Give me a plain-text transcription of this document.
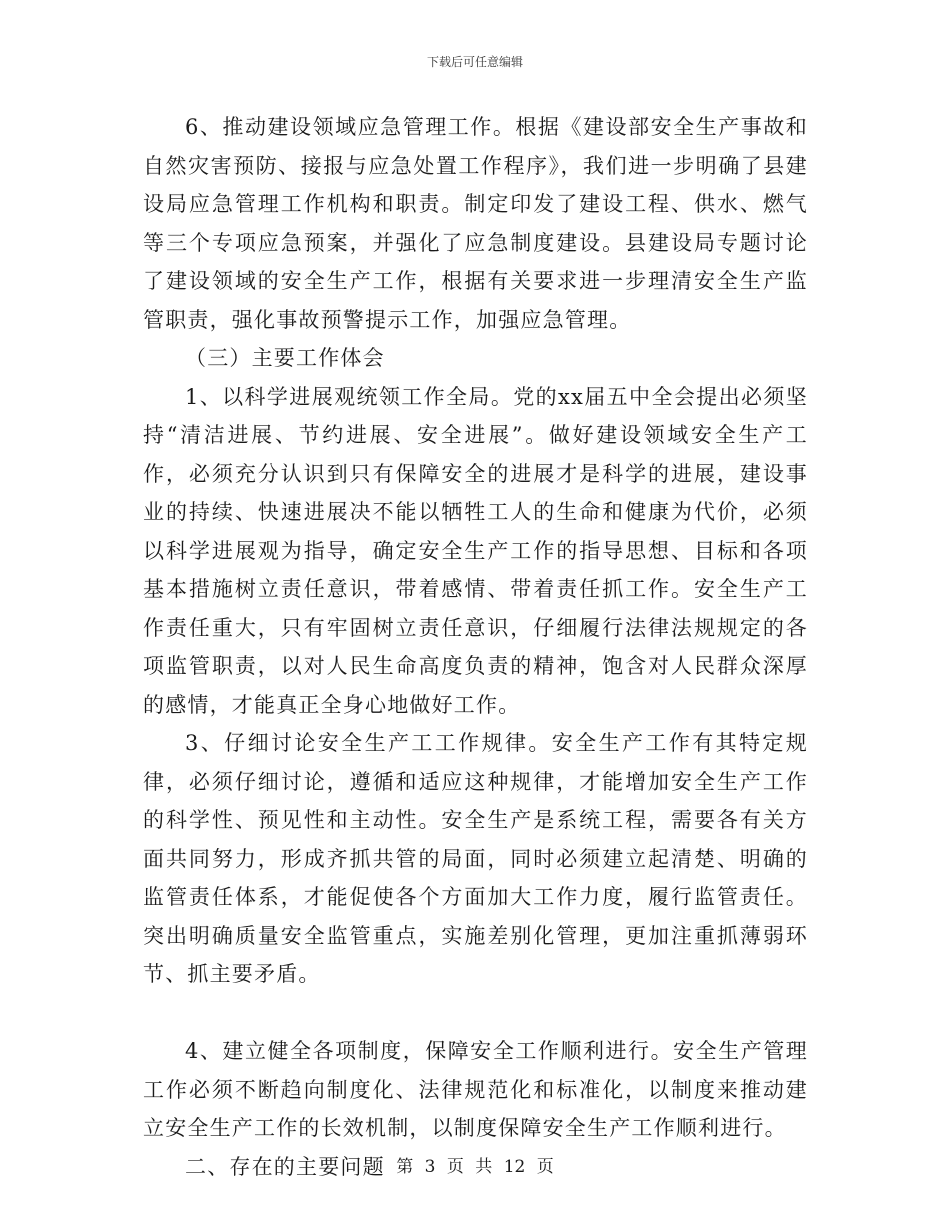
下载后可任意编辑

6、推动建设领域应急管理工作。根据《建设部安全生产事故和自然灾害预防、接报与应急处置工作程序》，我们进一步明确了县建设局应急管理工作机构和职责。制定印发了建设工程、供水、燃气等三个专项应急预案，并强化了应急制度建设。县建设局专题讨论了建设领域的安全生产工作，根据有关要求进一步理清安全生产监管职责，强化事故预警提示工作，加强应急管理。

（三）主要工作体会

1、以科学进展观统领工作全局。党的xx届五中全会提出必须坚持“清洁进展、节约进展、安全进展”。做好建设领域安全生产工作，必须充分认识到只有保障安全的进展才是科学的进展，建设事业的持续、快速进展决不能以牺牲工人的生命和健康为代价，必须以科学进展观为指导，确定安全生产工作的指导思想、目标和各项基本措施树立责任意识，带着感情、带着责任抓工作。安全生产工作责任重大，只有牢固树立责任意识，仔细履行法律法规规定的各项监管职责，以对人民生命高度负责的精神，饱含对人民群众深厚的感情，才能真正全身心地做好工作。

3、仔细讨论安全生产工工作规律。安全生产工作有其特定规律，必须仔细讨论，遵循和适应这种规律，才能增加安全生产工作的科学性、预见性和主动性。安全生产是系统工程，需要各有关方面共同努力，形成齐抓共管的局面，同时必须建立起清楚、明确的监管责任体系，才能促使各个方面加大工作力度，履行监管责任。突出明确质量安全监管重点，实施差别化管理，更加注重抓薄弱环节、抓主要矛盾。

4、建立健全各项制度，保障安全工作顺利进行。安全生产管理工作必须不断趋向制度化、法律规范化和标准化，以制度来推动建立安全生产工作的长效机制，以制度保障安全生产工作顺利进行。

二、存在的主要问题 第 3 页 共 12 页
